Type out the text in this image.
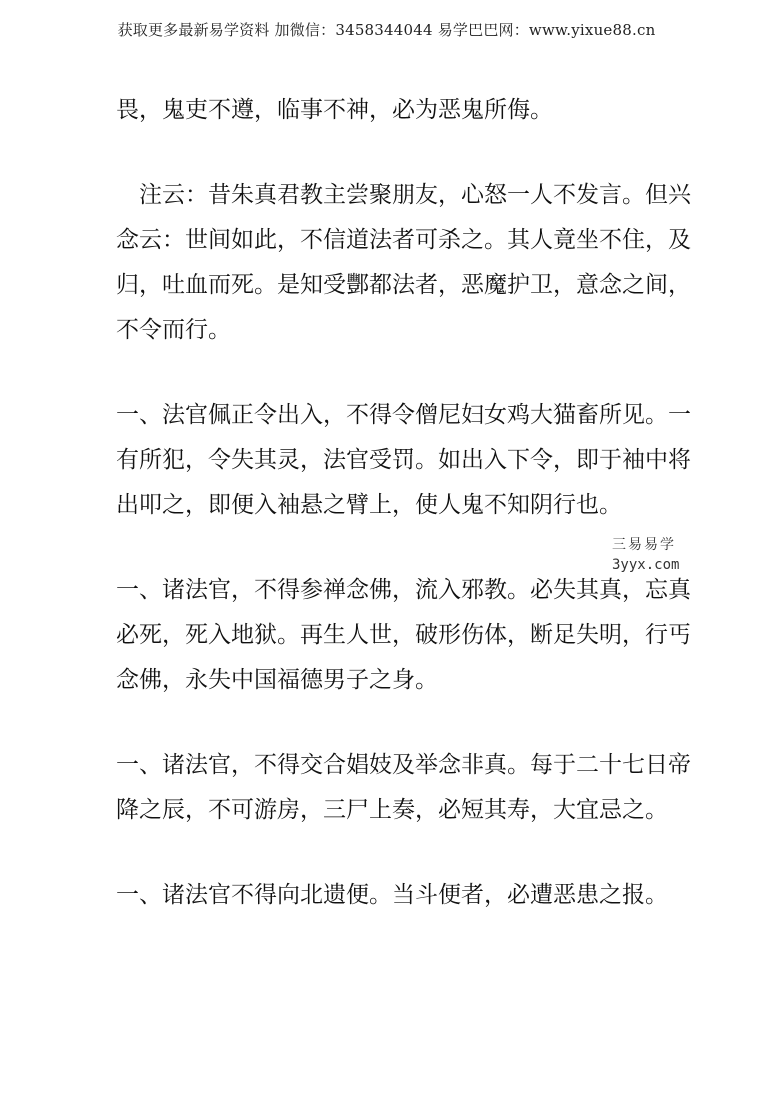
获取更多最新易学资料 加微信：3458344044 易学巴巴网：www.yixue88.cn

畏，鬼吏不遵，临事不神，必为恶鬼所侮。

　注云：昔朱真君教主尝聚朋友，心怒一人不发言。但兴念云：世间如此，不信道法者可杀之。其人竟坐不住，及归，吐血而死。是知受酆都法者，恶魔护卫，意念之间，不令而行。

一、法官佩正令出入，不得令僧尼妇女鸡大猫畜所见。一有所犯，令失其灵，法官受罚。如出入下令，即于袖中将出叩之，即便入袖悬之臂上，使人鬼不知阴行也。

一、诸法官，不得参禅念佛，流入邪教。必失其真，忘真必死，死入地狱。再生人世，破形伤体，断足失明，行丐念佛，永失中国福德男子之身。

一、诸法官，不得交合娼妓及举念非真。每于二十七日帝降之辰，不可游房，三尸上奏，必短其寿，大宜忌之。

一、诸法官不得向北遗便。当斗便者，必遭恶患之报。

三易易学
3yyx.com
